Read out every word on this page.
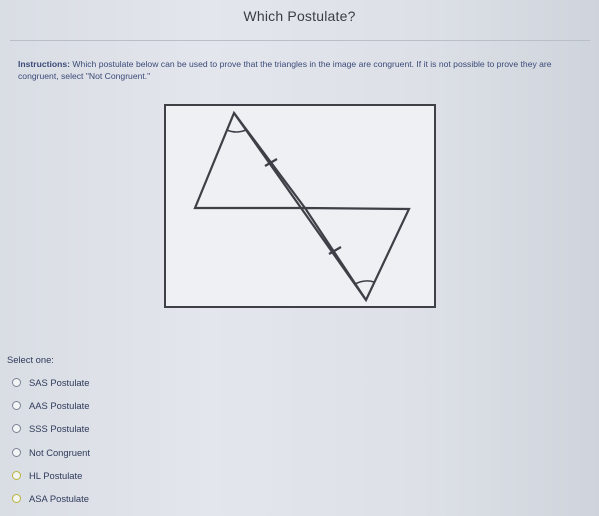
Which Postulate?
Instructions: Which postulate below can be used to prove that the triangles in the image are congruent. If it is not possible to prove they are congruent, select "Not Congruent."
Select one:
SAS Postulate
AAS Postulate
SSS Postulate
Not Congruent
HL Postulate
ASA Postulate
